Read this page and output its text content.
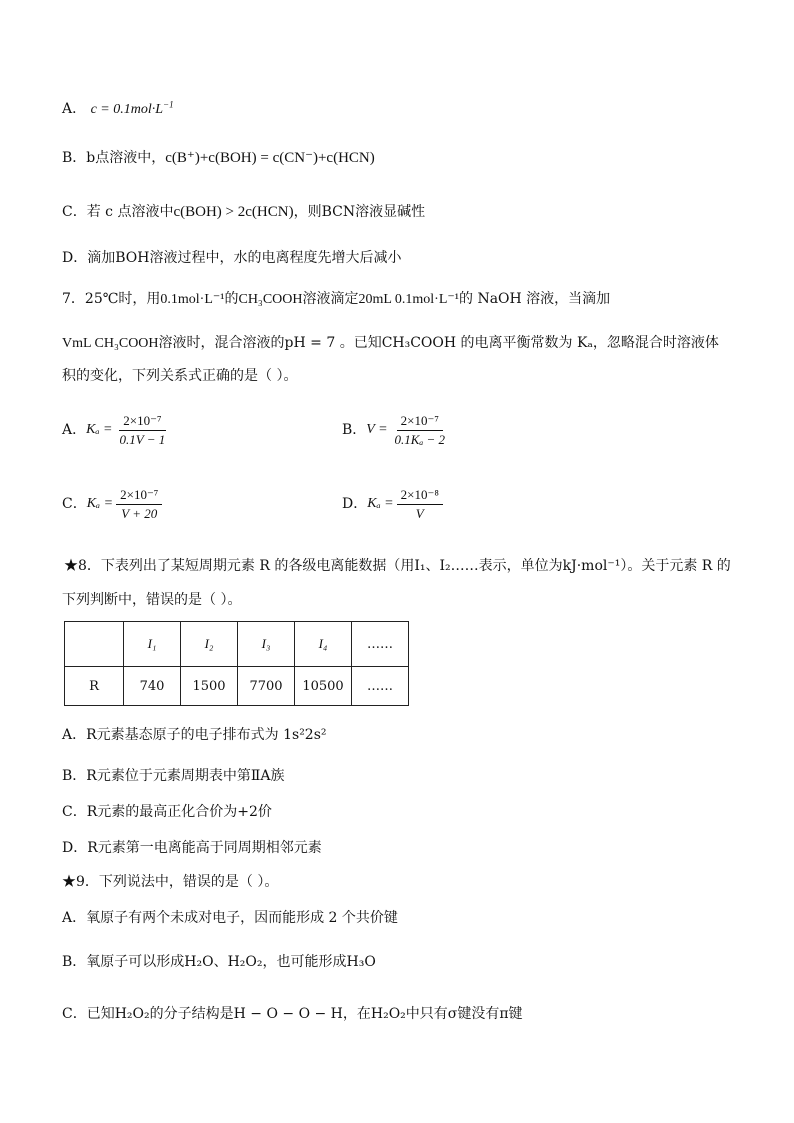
A． $c = 0.1mol\cdot L^{-1}$
B．b点溶液中，c(B⁺)+c(BOH) = c(CN⁻)+c(HCN)
C．若 c 点溶液中c(BOH) > 2c(HCN)，则BCN溶液显碱性
D．滴加BOH溶液过程中，水的电离程度先增大后减小
7．25℃时，用0.1mol·L⁻¹的CH₃COOH溶液滴定20mL 0.1mol·L⁻¹的 NaOH 溶液，当滴加
VmL CH₃COOH溶液时，混合溶液的pH = 7 。已知CH₃COOH 的电离平衡常数为 Kₐ，忽略混合时溶液体
积的变化，下列关系式正确的是（ ）。
A． $K_a = \frac{\text{2×10⁻⁷}}{0.1V - 1}$	B． $V = \frac{\text{2×10⁻⁷}}{\text{0.1Kₐ − 2}}$
C． $K_a = \frac{\text{2×10⁻⁷}}{V + 20}$	D． $K_a = \frac{\text{2×10⁻⁸}}{V}$
★8．下表列出了某短周期元素 R 的各级电离能数据（用I₁、I₂……表示，单位为kJ·mol⁻¹）。关于元素 R 的
下列判断中，错误的是（ ）。
	I₁	I₂	I₃	I₄	……
R	740	1500	7700	10500	……
A．R元素基态原子的电子排布式为 1s²2s²
B．R元素位于元素周期表中第ⅡA族
C．R元素的最高正化合价为+2价
D．R元素第一电离能高于同周期相邻元素
★9．下列说法中，错误的是（ ）。
A．氧原子有两个未成对电子，因而能形成 2 个共价键
B．氧原子可以形成H₂O、H₂O₂，也可能形成H₃O
C．已知H₂O₂的分子结构是H − O − O − H，在H₂O₂中只有σ键没有π键
